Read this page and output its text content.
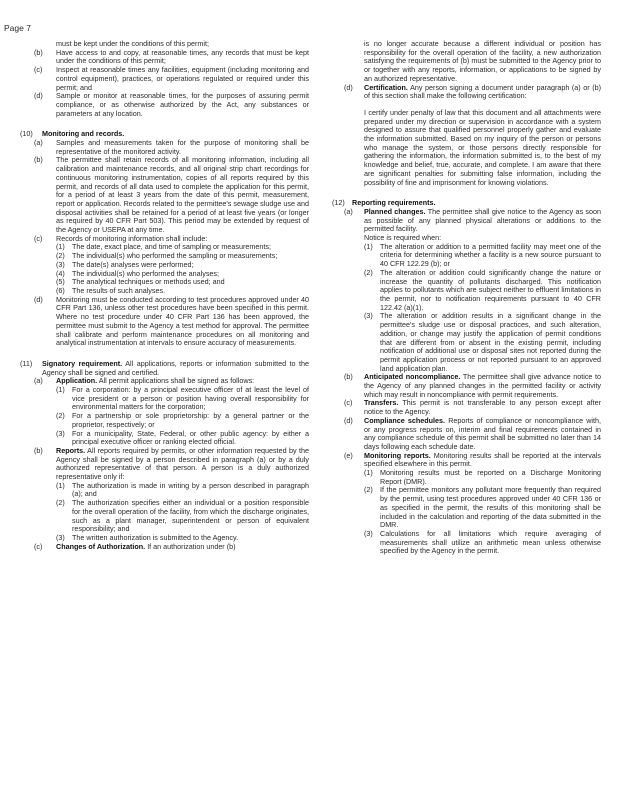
Page 7
must be kept under the conditions of this permit;
(b) Have access to and copy, at reasonable times, any records that must be kept under the conditions of this permit;
(c) Inspect at reasonable times any facilities, equipment (including monitoring and control equipment), practices, or operations regulated or required under this permit; and
(d) Sample or monitor at reasonable times, for the purposes of assuring permit compliance, or as otherwise authorized by the Act, any substances or parameters at any location.
(10) Monitoring and records.
(a) Samples and measurements taken for the purpose of monitoring shall be representative of the monitored activity.
(b) The permittee shall retain records of all monitoring information, including all calibration and maintenance records, and all original strip chart recordings for continuous monitoring instrumentation, copies of all reports required by this permit, and records of all data used to complete the application for this permit, for a period of at least 3 years from the date of this permit, measurement, report or application. Records related to the permittee's sewage sludge use and disposal activities shall be retained for a period of at least five years (or longer as required by 40 CFR Part 503). This period may be extended by request of the Agency or USEPA at any time.
(c) Records of monitoring information shall include:
(1) The date, exact place, and time of sampling or measurements;
(2) The individual(s) who performed the sampling or measurements;
(3) The date(s) analyses were performed;
(4) The individual(s) who performed the analyses;
(5) The analytical techniques or methods used; and
(6) The results of such analyses.
(d) Monitoring must be conducted according to test procedures approved under 40 CFR Part 136, unless other test procedures have been specified in this permit. Where no test procedure under 40 CFR Part 136 has been approved, the permittee must submit to the Agency a test method for approval. The permittee shall calibrate and perform maintenance procedures on all monitoring and analytical instrumentation at intervals to ensure accuracy of measurements.
(11) Signatory requirement. All applications, reports or information submitted to the Agency shall be signed and certified.
(a) Application. All permit applications shall be signed as follows:
(1) For a corporation: by a principal executive officer of at least the level of vice president or a person or position having overall responsibility for environmental matters for the corporation;
(2) For a partnership or sole proprietorship: by a general partner or the proprietor, respectively; or
(3) For a municipality, State, Federal, or other public agency: by either a principal executive officer or ranking elected official.
(b) Reports. All reports required by permits, or other information requested by the Agency shall be signed by a person described in paragraph (a) or by a duly authorized representative of that person. A person is a duly authorized representative only if:
(1) The authorization is made in writing by a person described in paragraph (a); and
(2) The authorization specifies either an individual or a position responsible for the overall operation of the facility, from which the discharge originates, such as a plant manager, superintendent or person of equivalent responsibility; and
(3) The written authorization is submitted to the Agency.
(c) Changes of Authorization. If an authorization under (b)
is no longer accurate because a different individual or position has responsibility for the overall operation of the facility, a new authorization satisfying the requirements of (b) must be submitted to the Agency prior to or together with any reports, information, or applications to be signed by an authorized representative.
(d) Certification. Any person signing a document under paragraph (a) or (b) of this section shall make the following certification:
I certify under penalty of law that this document and all attachments were prepared under my direction or supervision in accordance with a system designed to assure that qualified personnel properly gather and evaluate the information submitted. Based on my inquiry of the person or persons who manage the system, or those persons directly responsible for gathering the information, the information submitted is, to the best of my knowledge and belief, true, accurate, and complete. I am aware that there are significant penalties for submitting false information, including the possibility of fine and imprisonment for knowing violations.
(12) Reporting requirements.
(a) Planned changes. The permittee shall give notice to the Agency as soon as possible of any planned physical alterations or additions to the permitted facility.
Notice is required when:
(1) The alteration or addition to a permitted facility may meet one of the criteria for determining whether a facility is a new source pursuant to 40 CFR 122.29 (b); or
(2) The alteration or addition could significantly change the nature or increase the quantity of pollutants discharged. This notification applies to pollutants which are subject neither to effluent limitations in the permit, nor to notification requirements pursuant to 40 CFR 122.42 (a)(1).
(3) The alteration or addition results in a significant change in the permittee's sludge use or disposal practices, and such alteration, addition, or change may justify the application of permit conditions that are different from or absent in the existing permit, including notification of additional use or disposal sites not reported during the permit application process or not reported pursuant to an approved land application plan.
(b) Anticipated noncompliance. The permittee shall give advance notice to the Agency of any planned changes in the permitted facility or activity which may result in noncompliance with permit requirements.
(c) Transfers. This permit is not transferable to any person except after notice to the Agency.
(d) Compliance schedules. Reports of compliance or noncompliance with, or any progress reports on, interim and final requirements contained in any compliance schedule of this permit shall be submitted no later than 14 days following each schedule date.
(e) Monitoring reports. Monitoring results shall be reported at the intervals specified elsewhere in this permit.
(1) Monitoring results must be reported on a Discharge Monitoring Report (DMR).
(2) If the permittee monitors any pollutant more frequently than required by the permit, using test procedures approved under 40 CFR 136 or as specified in the permit, the results of this monitoring shall be included in the calculation and reporting of the data submitted in the DMR.
(3) Calculations for all limitations which require averaging of measurements shall utilize an arithmetic mean unless otherwise specified by the Agency in the permit.
